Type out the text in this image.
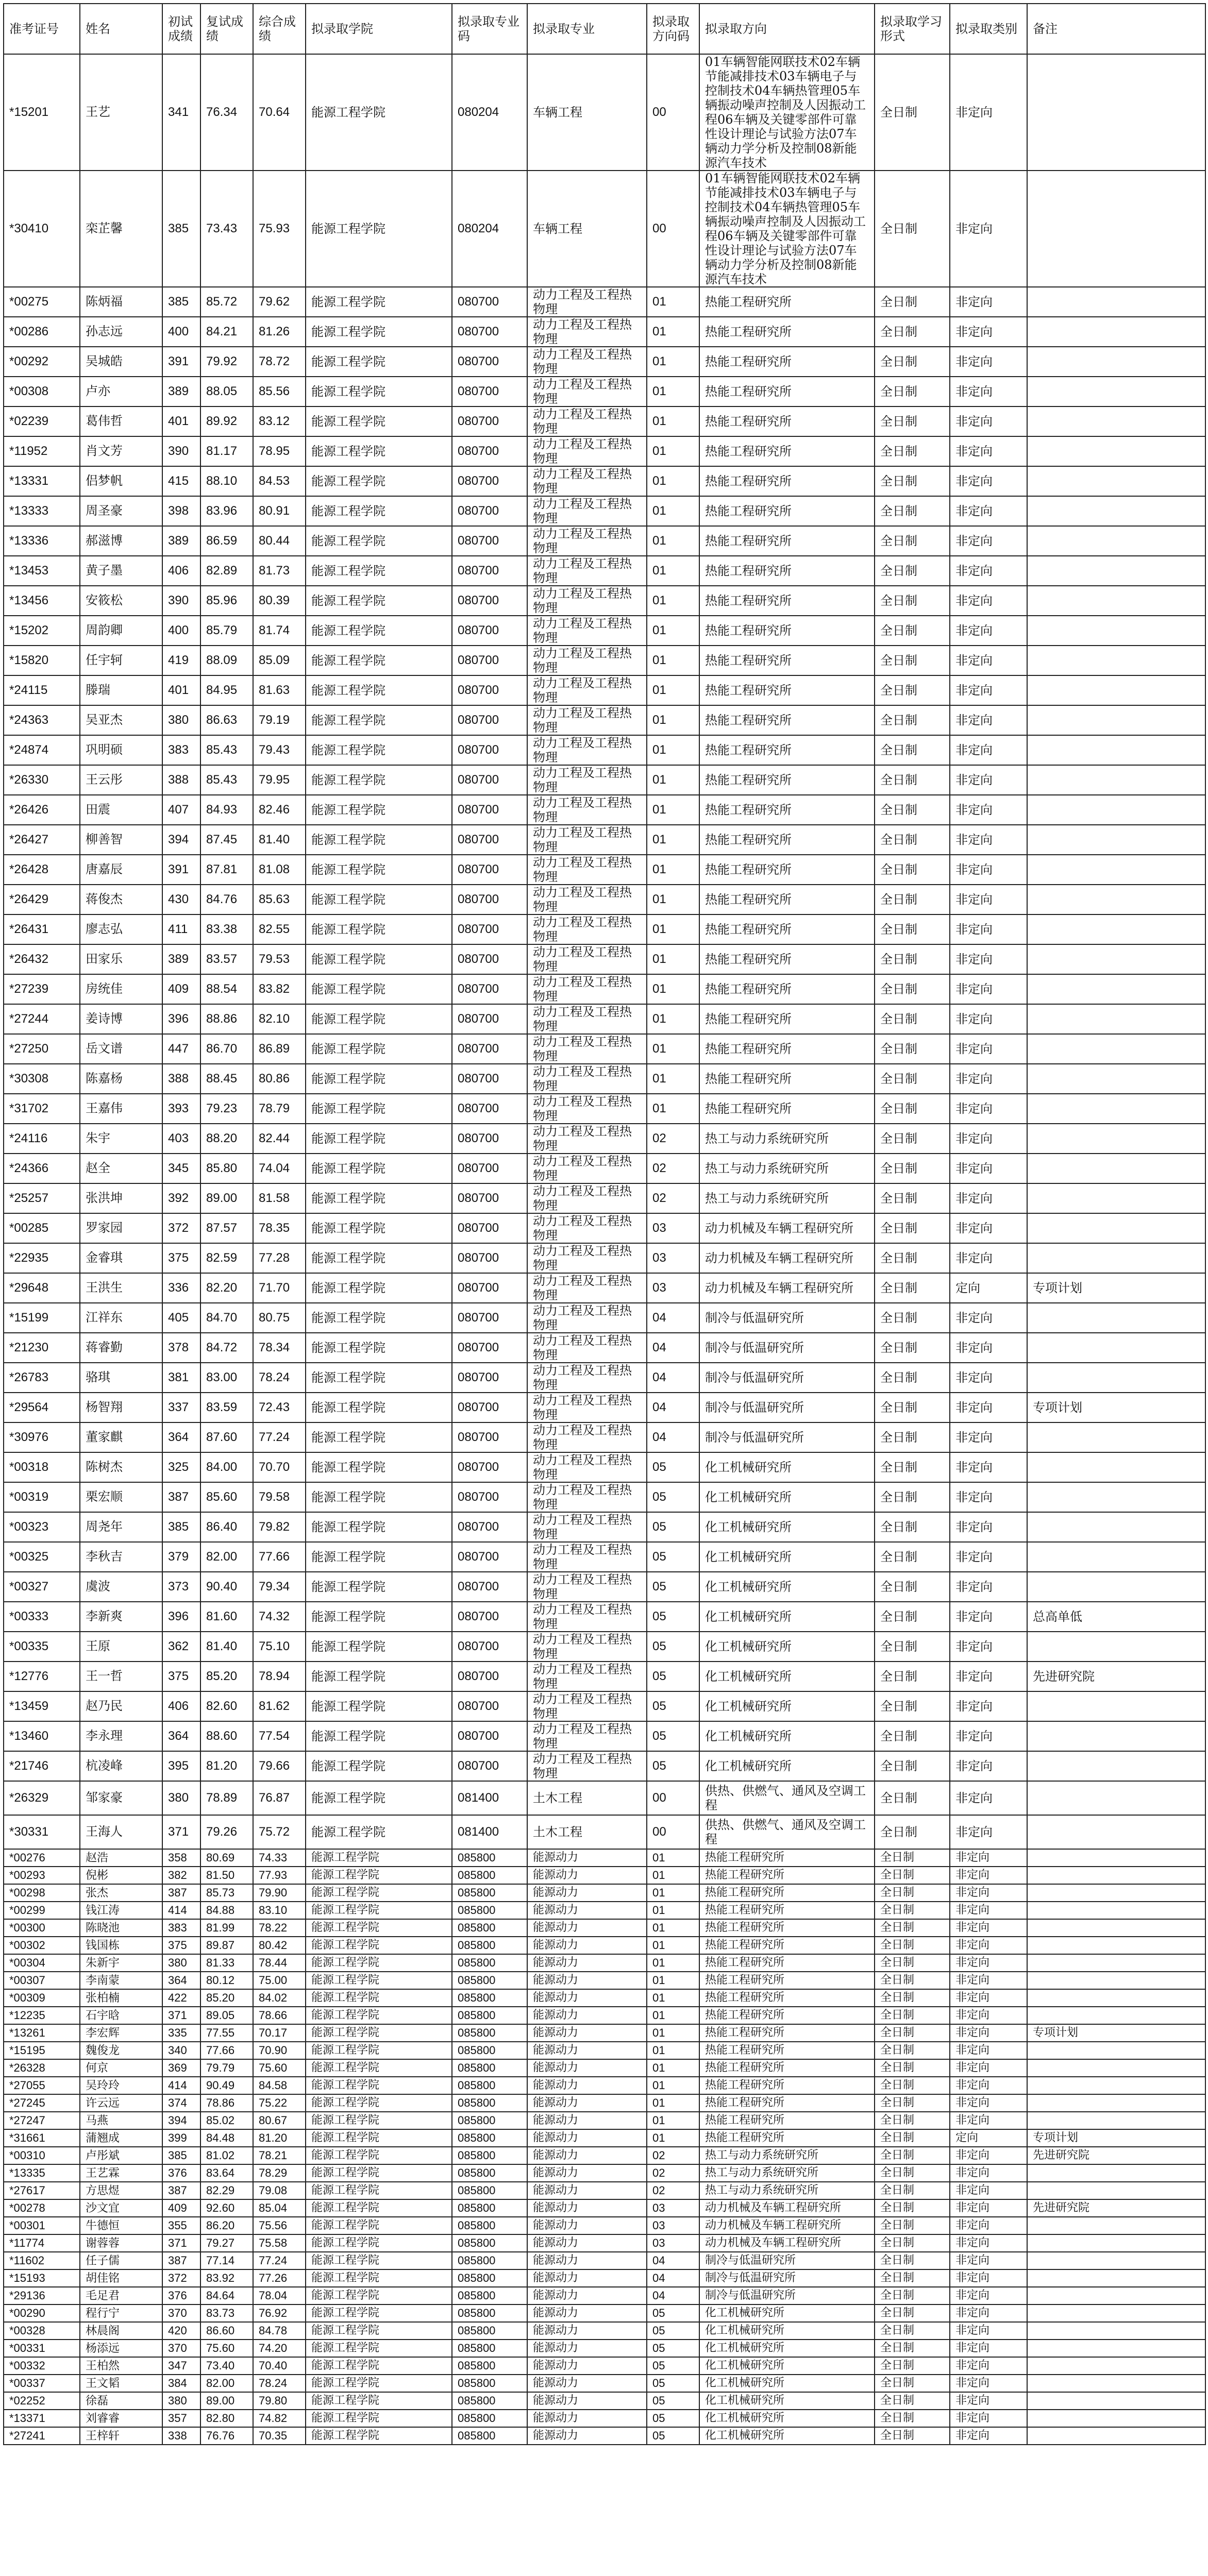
准考证号	姓名	初试成绩	复试成绩	综合成绩	拟录取学院	拟录取专业码	拟录取专业	拟录取方向码	拟录取方向	拟录取学习形式	拟录取类别	备注
*15201	王艺	341	76.34	70.64	能源工程学院	080204	车辆工程	00	01车辆智能网联技术02车辆节能减排技术03车辆电子与控制技术04车辆热管理05车辆振动噪声控制及人因振动工程06车辆及关键零部件可靠性设计理论与试验方法07车辆动力学分析及控制08新能源汽车技术	全日制	非定向	
*30410	栾芷馨	385	73.43	75.93	能源工程学院	080204	车辆工程	00	01车辆智能网联技术02车辆节能减排技术03车辆电子与控制技术04车辆热管理05车辆振动噪声控制及人因振动工程06车辆及关键零部件可靠性设计理论与试验方法07车辆动力学分析及控制08新能源汽车技术	全日制	非定向	
*00275	陈炳福	385	85.72	79.62	能源工程学院	080700	动力工程及工程热物理	01	热能工程研究所	全日制	非定向	
*00286	孙志远	400	84.21	81.26	能源工程学院	080700	动力工程及工程热物理	01	热能工程研究所	全日制	非定向	
*00292	吴城皓	391	79.92	78.72	能源工程学院	080700	动力工程及工程热物理	01	热能工程研究所	全日制	非定向	
*00308	卢亦	389	88.05	85.56	能源工程学院	080700	动力工程及工程热物理	01	热能工程研究所	全日制	非定向	
*02239	葛伟哲	401	89.92	83.12	能源工程学院	080700	动力工程及工程热物理	01	热能工程研究所	全日制	非定向	
*11952	肖文芳	390	81.17	78.95	能源工程学院	080700	动力工程及工程热物理	01	热能工程研究所	全日制	非定向	
*13331	侣梦帆	415	88.10	84.53	能源工程学院	080700	动力工程及工程热物理	01	热能工程研究所	全日制	非定向	
*13333	周圣豪	398	83.96	80.91	能源工程学院	080700	动力工程及工程热物理	01	热能工程研究所	全日制	非定向	
*13336	郝滋博	389	86.59	80.44	能源工程学院	080700	动力工程及工程热物理	01	热能工程研究所	全日制	非定向	
*13453	黄子墨	406	82.89	81.73	能源工程学院	080700	动力工程及工程热物理	01	热能工程研究所	全日制	非定向	
*13456	安筱松	390	85.96	80.39	能源工程学院	080700	动力工程及工程热物理	01	热能工程研究所	全日制	非定向	
*15202	周韵卿	400	85.79	81.74	能源工程学院	080700	动力工程及工程热物理	01	热能工程研究所	全日制	非定向	
*15820	任宇轲	419	88.09	85.09	能源工程学院	080700	动力工程及工程热物理	01	热能工程研究所	全日制	非定向	
*24115	滕瑞	401	84.95	81.63	能源工程学院	080700	动力工程及工程热物理	01	热能工程研究所	全日制	非定向	
*24363	吴亚杰	380	86.63	79.19	能源工程学院	080700	动力工程及工程热物理	01	热能工程研究所	全日制	非定向	
*24874	巩明硕	383	85.43	79.43	能源工程学院	080700	动力工程及工程热物理	01	热能工程研究所	全日制	非定向	
*26330	王云彤	388	85.43	79.95	能源工程学院	080700	动力工程及工程热物理	01	热能工程研究所	全日制	非定向	
*26426	田震	407	84.93	82.46	能源工程学院	080700	动力工程及工程热物理	01	热能工程研究所	全日制	非定向	
*26427	柳善智	394	87.45	81.40	能源工程学院	080700	动力工程及工程热物理	01	热能工程研究所	全日制	非定向	
*26428	唐嘉辰	391	87.81	81.08	能源工程学院	080700	动力工程及工程热物理	01	热能工程研究所	全日制	非定向	
*26429	蒋俊杰	430	84.76	85.63	能源工程学院	080700	动力工程及工程热物理	01	热能工程研究所	全日制	非定向	
*26431	廖志弘	411	83.38	82.55	能源工程学院	080700	动力工程及工程热物理	01	热能工程研究所	全日制	非定向	
*26432	田家乐	389	83.57	79.53	能源工程学院	080700	动力工程及工程热物理	01	热能工程研究所	全日制	非定向	
*27239	房统佳	409	88.54	83.82	能源工程学院	080700	动力工程及工程热物理	01	热能工程研究所	全日制	非定向	
*27244	姜诗博	396	88.86	82.10	能源工程学院	080700	动力工程及工程热物理	01	热能工程研究所	全日制	非定向	
*27250	岳文谱	447	86.70	86.89	能源工程学院	080700	动力工程及工程热物理	01	热能工程研究所	全日制	非定向	
*30308	陈嘉杨	388	88.45	80.86	能源工程学院	080700	动力工程及工程热物理	01	热能工程研究所	全日制	非定向	
*31702	王嘉伟	393	79.23	78.79	能源工程学院	080700	动力工程及工程热物理	01	热能工程研究所	全日制	非定向	
*24116	朱宇	403	88.20	82.44	能源工程学院	080700	动力工程及工程热物理	02	热工与动力系统研究所	全日制	非定向	
*24366	赵全	345	85.80	74.04	能源工程学院	080700	动力工程及工程热物理	02	热工与动力系统研究所	全日制	非定向	
*25257	张洪坤	392	89.00	81.58	能源工程学院	080700	动力工程及工程热物理	02	热工与动力系统研究所	全日制	非定向	
*00285	罗家园	372	87.57	78.35	能源工程学院	080700	动力工程及工程热物理	03	动力机械及车辆工程研究所	全日制	非定向	
*22935	金睿琪	375	82.59	77.28	能源工程学院	080700	动力工程及工程热物理	03	动力机械及车辆工程研究所	全日制	非定向	
*29648	王洪生	336	82.20	71.70	能源工程学院	080700	动力工程及工程热物理	03	动力机械及车辆工程研究所	全日制	定向	专项计划
*15199	江祥东	405	84.70	80.75	能源工程学院	080700	动力工程及工程热物理	04	制冷与低温研究所	全日制	非定向	
*21230	蒋睿勤	378	84.72	78.34	能源工程学院	080700	动力工程及工程热物理	04	制冷与低温研究所	全日制	非定向	
*26783	骆琪	381	83.00	78.24	能源工程学院	080700	动力工程及工程热物理	04	制冷与低温研究所	全日制	非定向	
*29564	杨智翔	337	83.59	72.43	能源工程学院	080700	动力工程及工程热物理	04	制冷与低温研究所	全日制	非定向	专项计划
*30976	董家麒	364	87.60	77.24	能源工程学院	080700	动力工程及工程热物理	04	制冷与低温研究所	全日制	非定向	
*00318	陈树杰	325	84.00	70.70	能源工程学院	080700	动力工程及工程热物理	05	化工机械研究所	全日制	非定向	
*00319	栗宏顺	387	85.60	79.58	能源工程学院	080700	动力工程及工程热物理	05	化工机械研究所	全日制	非定向	
*00323	周尧年	385	86.40	79.82	能源工程学院	080700	动力工程及工程热物理	05	化工机械研究所	全日制	非定向	
*00325	李秋吉	379	82.00	77.66	能源工程学院	080700	动力工程及工程热物理	05	化工机械研究所	全日制	非定向	
*00327	虞波	373	90.40	79.34	能源工程学院	080700	动力工程及工程热物理	05	化工机械研究所	全日制	非定向	
*00333	李新爽	396	81.60	74.32	能源工程学院	080700	动力工程及工程热物理	05	化工机械研究所	全日制	非定向	总高单低
*00335	王原	362	81.40	75.10	能源工程学院	080700	动力工程及工程热物理	05	化工机械研究所	全日制	非定向	
*12776	王一哲	375	85.20	78.94	能源工程学院	080700	动力工程及工程热物理	05	化工机械研究所	全日制	非定向	先进研究院
*13459	赵乃民	406	82.60	81.62	能源工程学院	080700	动力工程及工程热物理	05	化工机械研究所	全日制	非定向	
*13460	李永理	364	88.60	77.54	能源工程学院	080700	动力工程及工程热物理	05	化工机械研究所	全日制	非定向	
*21746	杭凌峰	395	81.20	79.66	能源工程学院	080700	动力工程及工程热物理	05	化工机械研究所	全日制	非定向	
*26329	邹家豪	380	78.89	76.87	能源工程学院	081400	土木工程	00	供热、供燃气、通风及空调工程	全日制	非定向	
*30331	王海人	371	79.26	75.72	能源工程学院	081400	土木工程	00	供热、供燃气、通风及空调工程	全日制	非定向	
*00276	赵浩	358	80.69	74.33	能源工程学院	085800	能源动力	01	热能工程研究所	全日制	非定向	
*00293	倪彬	382	81.50	77.93	能源工程学院	085800	能源动力	01	热能工程研究所	全日制	非定向	
*00298	张杰	387	85.73	79.90	能源工程学院	085800	能源动力	01	热能工程研究所	全日制	非定向	
*00299	钱江涛	414	84.88	83.10	能源工程学院	085800	能源动力	01	热能工程研究所	全日制	非定向	
*00300	陈晓池	383	81.99	78.22	能源工程学院	085800	能源动力	01	热能工程研究所	全日制	非定向	
*00302	钱国栋	375	89.87	80.42	能源工程学院	085800	能源动力	01	热能工程研究所	全日制	非定向	
*00304	朱新宇	380	81.33	78.44	能源工程学院	085800	能源动力	01	热能工程研究所	全日制	非定向	
*00307	李南蒙	364	80.12	75.00	能源工程学院	085800	能源动力	01	热能工程研究所	全日制	非定向	
*00309	张柏楠	422	85.20	84.02	能源工程学院	085800	能源动力	01	热能工程研究所	全日制	非定向	
*12235	石宇晗	371	89.05	78.66	能源工程学院	085800	能源动力	01	热能工程研究所	全日制	非定向	
*13261	李宏辉	335	77.55	70.17	能源工程学院	085800	能源动力	01	热能工程研究所	全日制	非定向	专项计划
*15195	魏俊龙	340	77.66	70.90	能源工程学院	085800	能源动力	01	热能工程研究所	全日制	非定向	
*26328	何京	369	79.79	75.60	能源工程学院	085800	能源动力	01	热能工程研究所	全日制	非定向	
*27055	吴玲玲	414	90.49	84.58	能源工程学院	085800	能源动力	01	热能工程研究所	全日制	非定向	
*27245	许云远	374	78.86	75.22	能源工程学院	085800	能源动力	01	热能工程研究所	全日制	非定向	
*27247	马燕	394	85.02	80.67	能源工程学院	085800	能源动力	01	热能工程研究所	全日制	非定向	
*31661	蒲翘成	399	84.48	81.20	能源工程学院	085800	能源动力	01	热能工程研究所	全日制	定向	专项计划
*00310	卢彤斌	385	81.02	78.21	能源工程学院	085800	能源动力	02	热工与动力系统研究所	全日制	非定向	先进研究院
*13335	王艺霖	376	83.64	78.29	能源工程学院	085800	能源动力	02	热工与动力系统研究所	全日制	非定向	
*27617	方思煜	387	82.29	79.08	能源工程学院	085800	能源动力	02	热工与动力系统研究所	全日制	非定向	
*00278	沙文宜	409	92.60	85.04	能源工程学院	085800	能源动力	03	动力机械及车辆工程研究所	全日制	非定向	先进研究院
*00301	牛德恒	355	86.20	75.56	能源工程学院	085800	能源动力	03	动力机械及车辆工程研究所	全日制	非定向	
*11774	谢蓉蓉	371	79.27	75.58	能源工程学院	085800	能源动力	03	动力机械及车辆工程研究所	全日制	非定向	
*11602	任子儒	387	77.14	77.24	能源工程学院	085800	能源动力	04	制冷与低温研究所	全日制	非定向	
*15193	胡佳铭	372	83.92	77.26	能源工程学院	085800	能源动力	04	制冷与低温研究所	全日制	非定向	
*29136	毛足君	376	84.64	78.04	能源工程学院	085800	能源动力	04	制冷与低温研究所	全日制	非定向	
*00290	程行宁	370	83.73	76.92	能源工程学院	085800	能源动力	05	化工机械研究所	全日制	非定向	
*00328	林晨阁	420	86.60	84.78	能源工程学院	085800	能源动力	05	化工机械研究所	全日制	非定向	
*00331	杨添远	370	75.60	74.20	能源工程学院	085800	能源动力	05	化工机械研究所	全日制	非定向	
*00332	王柏然	347	73.40	70.40	能源工程学院	085800	能源动力	05	化工机械研究所	全日制	非定向	
*00337	王文韬	384	82.00	78.24	能源工程学院	085800	能源动力	05	化工机械研究所	全日制	非定向	
*02252	徐磊	380	89.00	79.80	能源工程学院	085800	能源动力	05	化工机械研究所	全日制	非定向	
*13371	刘睿睿	357	82.80	74.82	能源工程学院	085800	能源动力	05	化工机械研究所	全日制	非定向	
*27241	王梓轩	338	76.76	70.35	能源工程学院	085800	能源动力	05	化工机械研究所	全日制	非定向	
